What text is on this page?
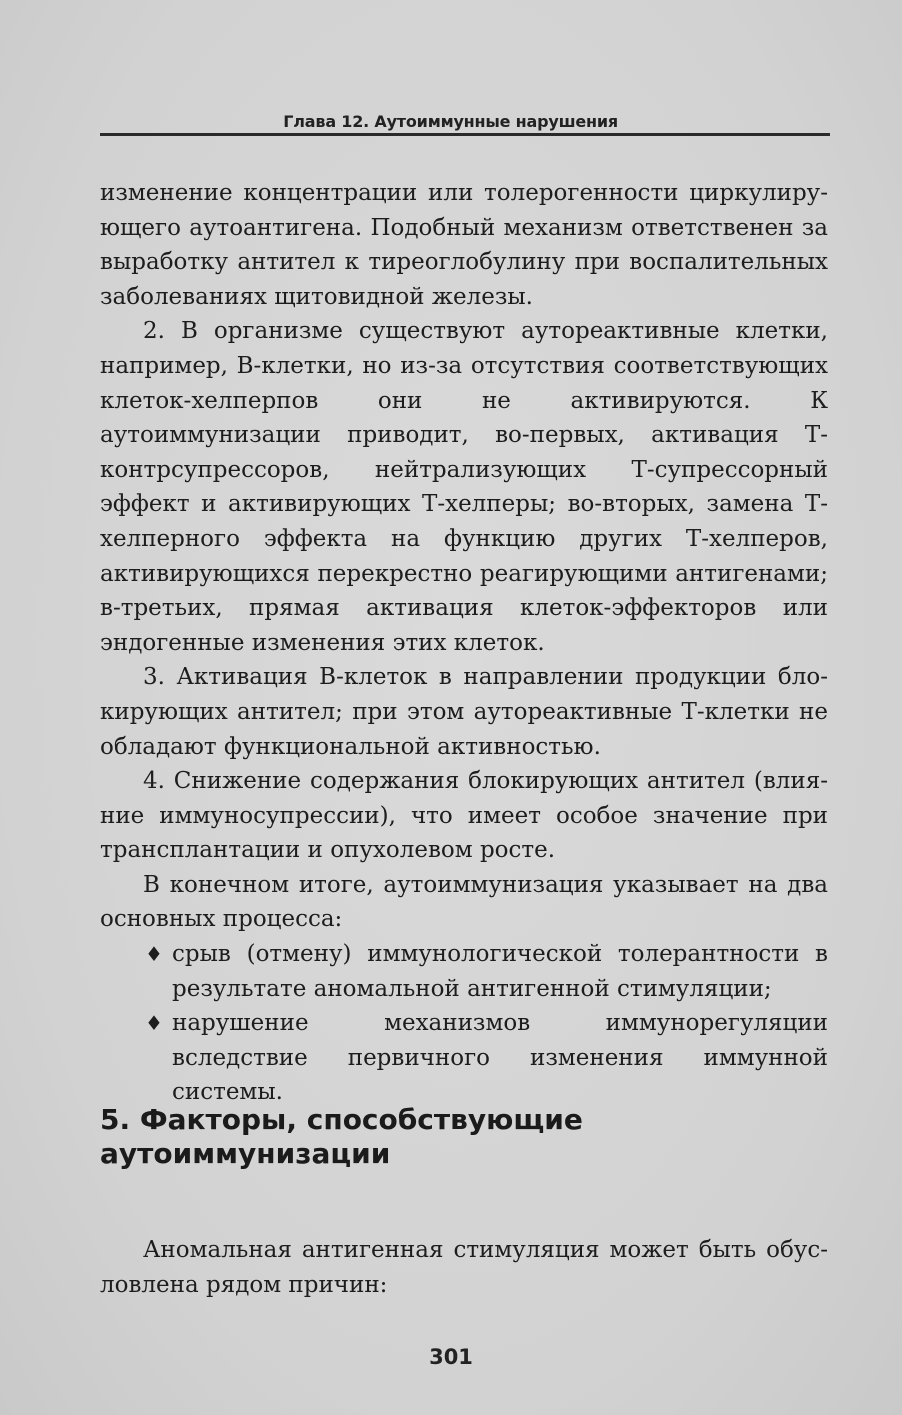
Глава 12. Аутоиммунные нарушения

изменение концентрации или толерогенности циркулирующего аутоантигена. Подобный механизм ответственен за выработку антител к тиреоглобулину при воспалительных заболеваниях щитовидной железы.

2. В организме существуют аутореактивные клетки, например, В-клетки, но из-за отсутствия соответствующих клеток-хелперпов они не активируются. К аутоиммунизации приводит, во-первых, активация Т-контрсупрессоров, нейтрализующих Т-супрессорный эффект и активирующих Т-хелперы; во-вторых, замена Т-хелперного эффекта на функцию других Т-хелперов, активирующихся перекрестно реагирующими антигенами; в-третьих, прямая активация клеток-эффекторов или эндогенные изменения этих клеток.

3. Активация В-клеток в направлении продукции блокирующих антител; при этом аутореактивные Т-клетки не обладают функциональной активностью.

4. Снижение содержания блокирующих антител (влияние иммуносупрессии), что имеет особое значение при трансплантации и опухолевом росте.

В конечном итоге, аутоиммунизация указывает на два основных процесса:

♦ срыв (отмену) иммунологической толерантности в результате аномальной антигенной стимуляции;
♦ нарушение механизмов иммунорегуляции вследствие первичного изменения иммунной системы.
5. Факторы, способствующие
аутоиммунизации

Аномальная антигенная стимуляция может быть обусловлена рядом причин:

301
